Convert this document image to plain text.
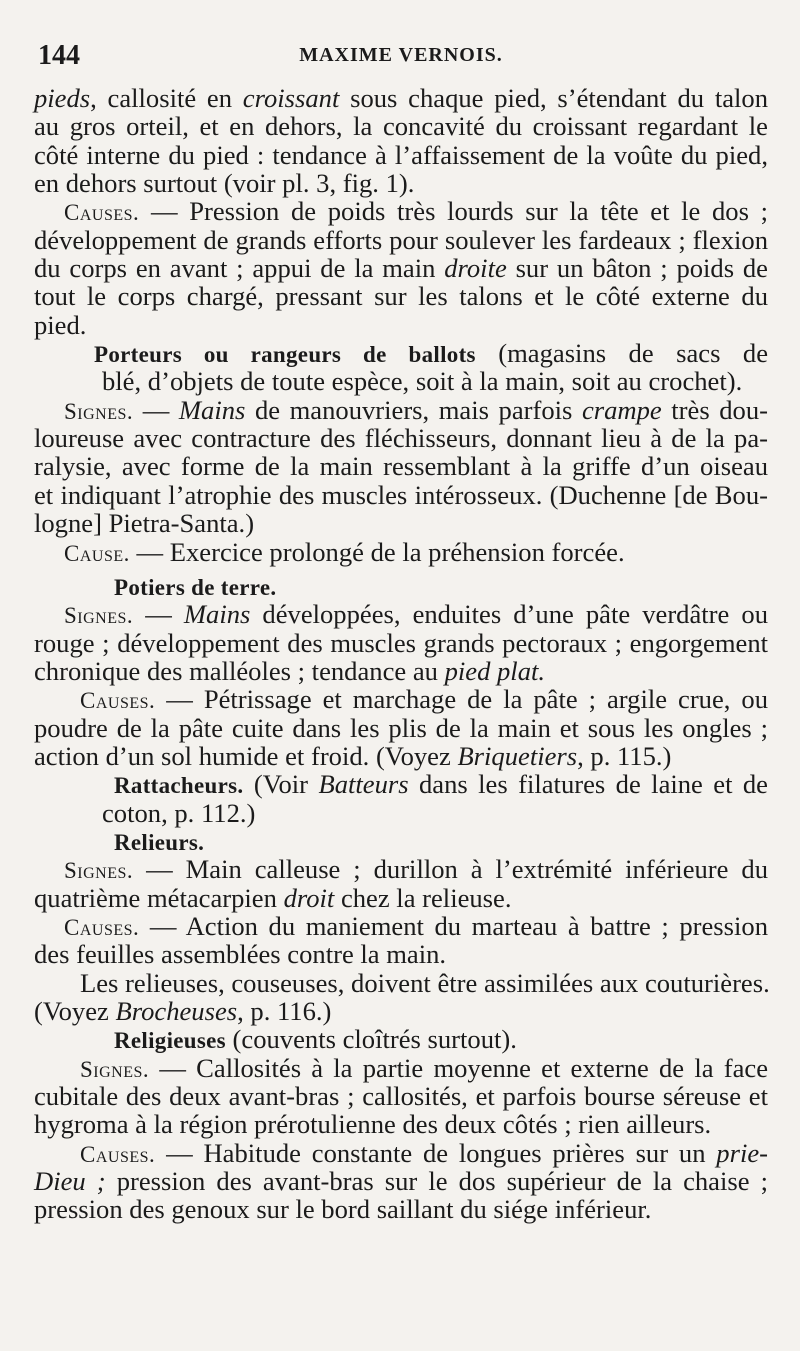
144	MAXIME VERNOIS.
pieds, callosité en croissant sous chaque pied, s’étendant du talon
au gros orteil, et en dehors, la concavité du croissant regardant le
côté interne du pied : tendance à l’affaissement de la voûte du pied,
en dehors surtout (voir pl. 3, fig. 1).
Causes. — Pression de poids très lourds sur la tête et le dos ;
développement de grands efforts pour soulever les fardeaux ; flexion
du corps en avant ; appui de la main droite sur un bâton ; poids de
tout le corps chargé, pressant sur les talons et le côté externe du
pied.
Porteurs ou rangeurs de ballots (magasins de sacs de
blé, d’objets de toute espèce, soit à la main, soit au crochet).
Signes. — Mains de manouvriers, mais parfois crampe très dou-
loureuse avec contracture des fléchisseurs, donnant lieu à de la pa-
ralysie, avec forme de la main ressemblant à la griffe d’un oiseau
et indiquant l’atrophie des muscles intérosseux. (Duchenne [de Bou-
logne] Pietra-Santa.)
Cause. — Exercice prolongé de la préhension forcée.
Potiers de terre.
Signes. — Mains développées, enduites d’une pâte verdâtre ou
rouge ; développement des muscles grands pectoraux ; engorgement
chronique des malléoles ; tendance au pied plat.
Causes. — Pétrissage et marchage de la pâte ; argile crue, ou
poudre de la pâte cuite dans les plis de la main et sous les ongles ;
action d’un sol humide et froid. (Voyez Briquetiers, p. 115.)
Rattacheurs. (Voir Batteurs dans les filatures de laine et de
coton, p. 112.)
Relieurs.
Signes. — Main calleuse ; durillon à l’extrémité inférieure du
quatrième métacarpien droit chez la relieuse.
Causes. — Action du maniement du marteau à battre ; pression
des feuilles assemblées contre la main.
Les relieuses, couseuses, doivent être assimilées aux couturières.
(Voyez Brocheuses, p. 116.)
Religieuses (couvents cloîtrés surtout).
Signes. — Callosités à la partie moyenne et externe de la face
cubitale des deux avant-bras ; callosités, et parfois bourse séreuse et
hygroma à la région prérotulienne des deux côtés ; rien ailleurs.
Causes. — Habitude constante de longues prières sur un prie-
Dieu ; pression des avant-bras sur le dos supérieur de la chaise ;
pression des genoux sur le bord saillant du siége inférieur.
